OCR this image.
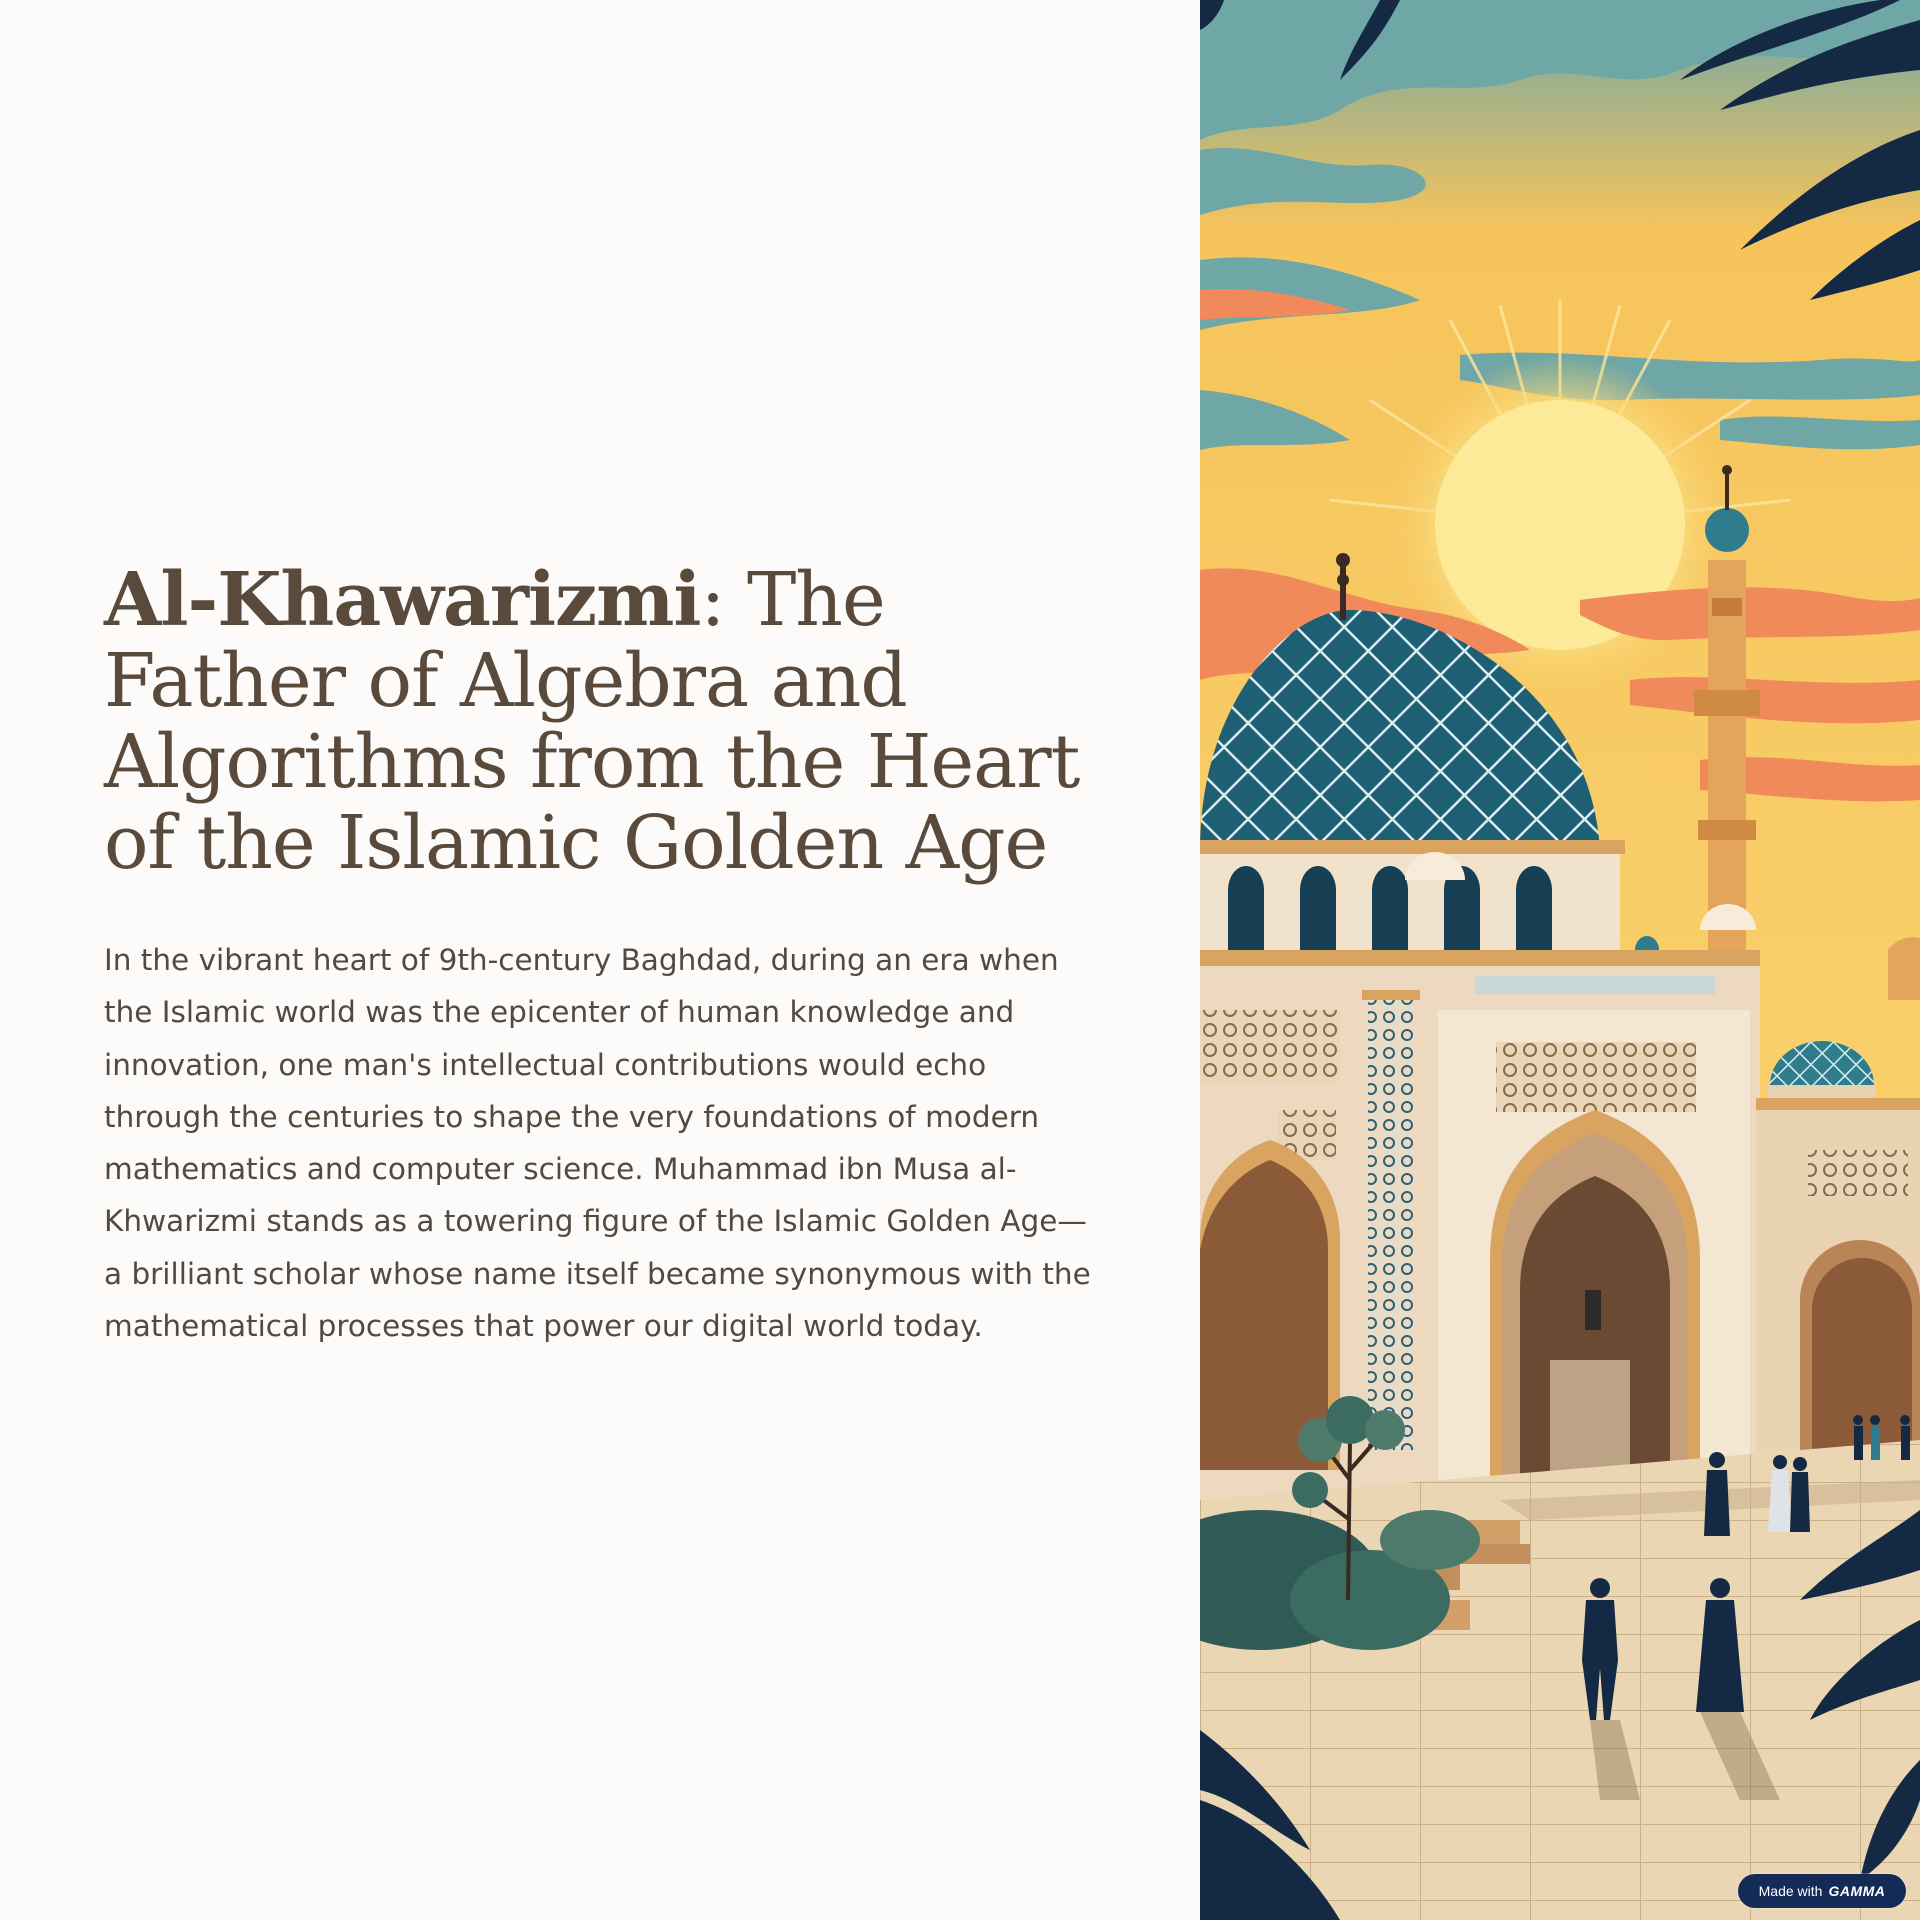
Al-Khawarizmi: The Father of Algebra and Algorithms from the Heart of the Islamic Golden Age

In the vibrant heart of 9th-century Baghdad, during an era when the Islamic world was the epicenter of human knowledge and innovation, one man's intellectual contributions would echo through the centuries to shape the very foundations of modern mathematics and computer science. Muhammad ibn Musa al-Khwarizmi stands as a towering figure of the Islamic Golden Age—a brilliant scholar whose name itself became synonymous with the mathematical processes that power our digital world today.

Made with GAMMA
